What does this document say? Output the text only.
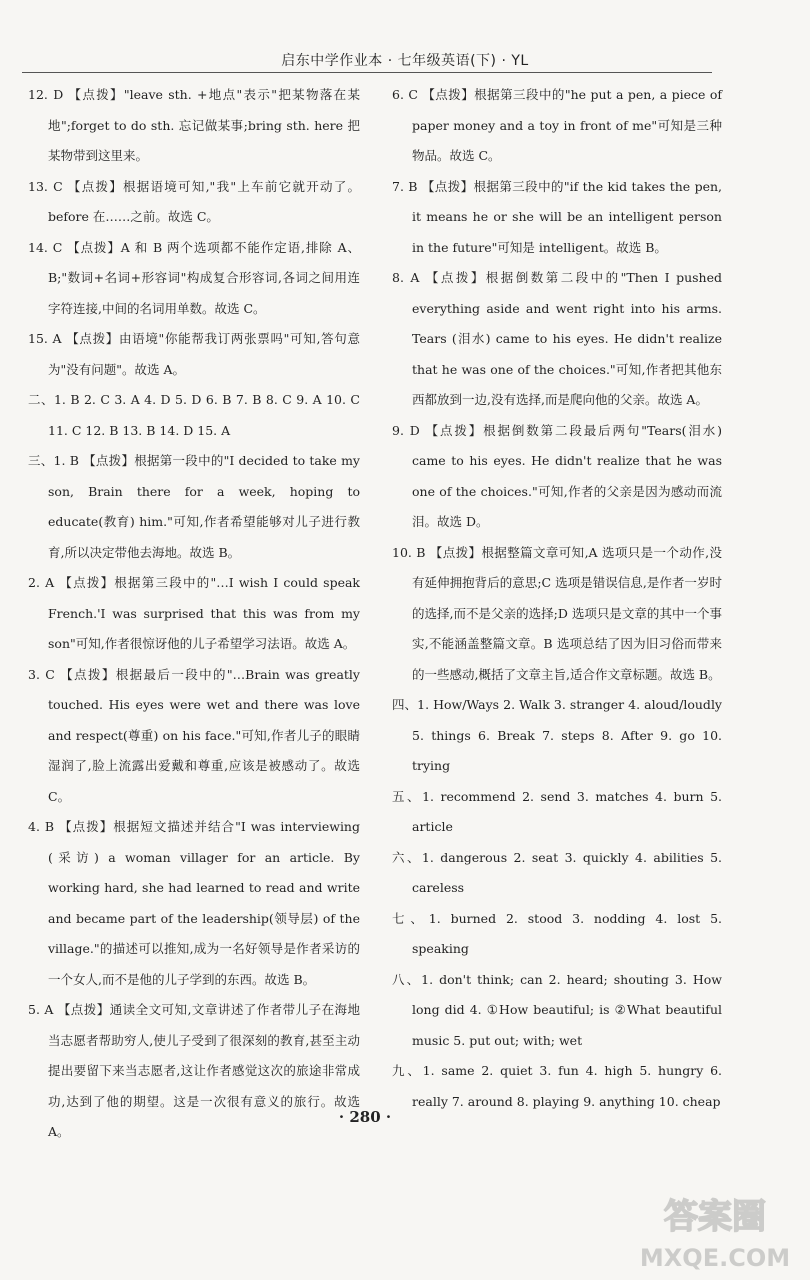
启东中学作业本 · 七年级英语(下) · YL

12. D 【点拨】"leave sth. +地点"表示"把某物落在某地";forget to do sth. 忘记做某事;bring sth. here 把某物带到这里来。

13. C 【点拨】根据语境可知,"我"上车前它就开动了。before 在……之前。故选 C。

14. C 【点拨】A 和 B 两个选项都不能作定语,排除 A、B;"数词+名词+形容词"构成复合形容词,各词之间用连字符连接,中间的名词用单数。故选 C。

15. A 【点拨】由语境"你能帮我订两张票吗"可知,答句意为"没有问题"。故选 A。

二、1. B 2. C 3. A 4. D 5. D 6. B 7. B 8. C 9. A 10. C 11. C 12. B 13. B 14. D 15. A

三、1. B 【点拨】根据第一段中的"I decided to take my son, Brain there for a week, hoping to educate(教育) him."可知,作者希望能够对儿子进行教育,所以决定带他去海地。故选 B。

2. A 【点拨】根据第三段中的"…I wish I could speak French.'I was surprised that this was from my son"可知,作者很惊讶他的儿子希望学习法语。故选 A。

3. C 【点拨】根据最后一段中的"…Brain was greatly touched. His eyes were wet and there was love and respect(尊重) on his face."可知,作者儿子的眼睛湿润了,脸上流露出爱戴和尊重,应该是被感动了。故选 C。

4. B 【点拨】根据短文描述并结合"I was interviewing (采访) a woman villager for an article. By working hard, she had learned to read and write and became part of the leadership(领导层) of the village."的描述可以推知,成为一名好领导是作者采访的一个女人,而不是他的儿子学到的东西。故选 B。

5. A 【点拨】通读全文可知,文章讲述了作者带儿子在海地当志愿者帮助穷人,使儿子受到了很深刻的教育,甚至主动提出要留下来当志愿者,这让作者感觉这次的旅途非常成功,达到了他的期望。这是一次很有意义的旅行。故选 A。

6. C 【点拨】根据第三段中的"he put a pen, a piece of paper money and a toy in front of me"可知是三种物品。故选 C。

7. B 【点拨】根据第三段中的"if the kid takes the pen, it means he or she will be an intelligent person in the future"可知是 intelligent。故选 B。

8. A 【点拨】根据倒数第二段中的"Then I pushed everything aside and went right into his arms. Tears (泪水) came to his eyes. He didn't realize that he was one of the choices."可知,作者把其他东西都放到一边,没有选择,而是爬向他的父亲。故选 A。

9. D 【点拨】根据倒数第二段最后两句"Tears(泪水) came to his eyes. He didn't realize that he was one of the choices."可知,作者的父亲是因为感动而流泪。故选 D。

10. B 【点拨】根据整篇文章可知,A 选项只是一个动作,没有延伸拥抱背后的意思;C 选项是错误信息,是作者一岁时的选择,而不是父亲的选择;D 选项只是文章的其中一个事实,不能涵盖整篇文章。B 选项总结了因为旧习俗而带来的一些感动,概括了文章主旨,适合作文章标题。故选 B。

四、1. How/Ways 2. Walk 3. stranger 4. aloud/loudly 5. things 6. Break 7. steps 8. After 9. go 10. trying

五、1. recommend 2. send 3. matches 4. burn 5. article

六、1. dangerous 2. seat 3. quickly 4. abilities 5. careless

七、1. burned 2. stood 3. nodding 4. lost 5. speaking

八、1. don't think; can 2. heard; shouting 3. How long did 4. ①How beautiful; is ②What beautiful music 5. put out; with; wet

九、1. same 2. quiet 3. fun 4. high 5. hungry 6. really 7. around 8. playing 9. anything 10. cheap

· 280 ·
答案圈
MXQE.COM
